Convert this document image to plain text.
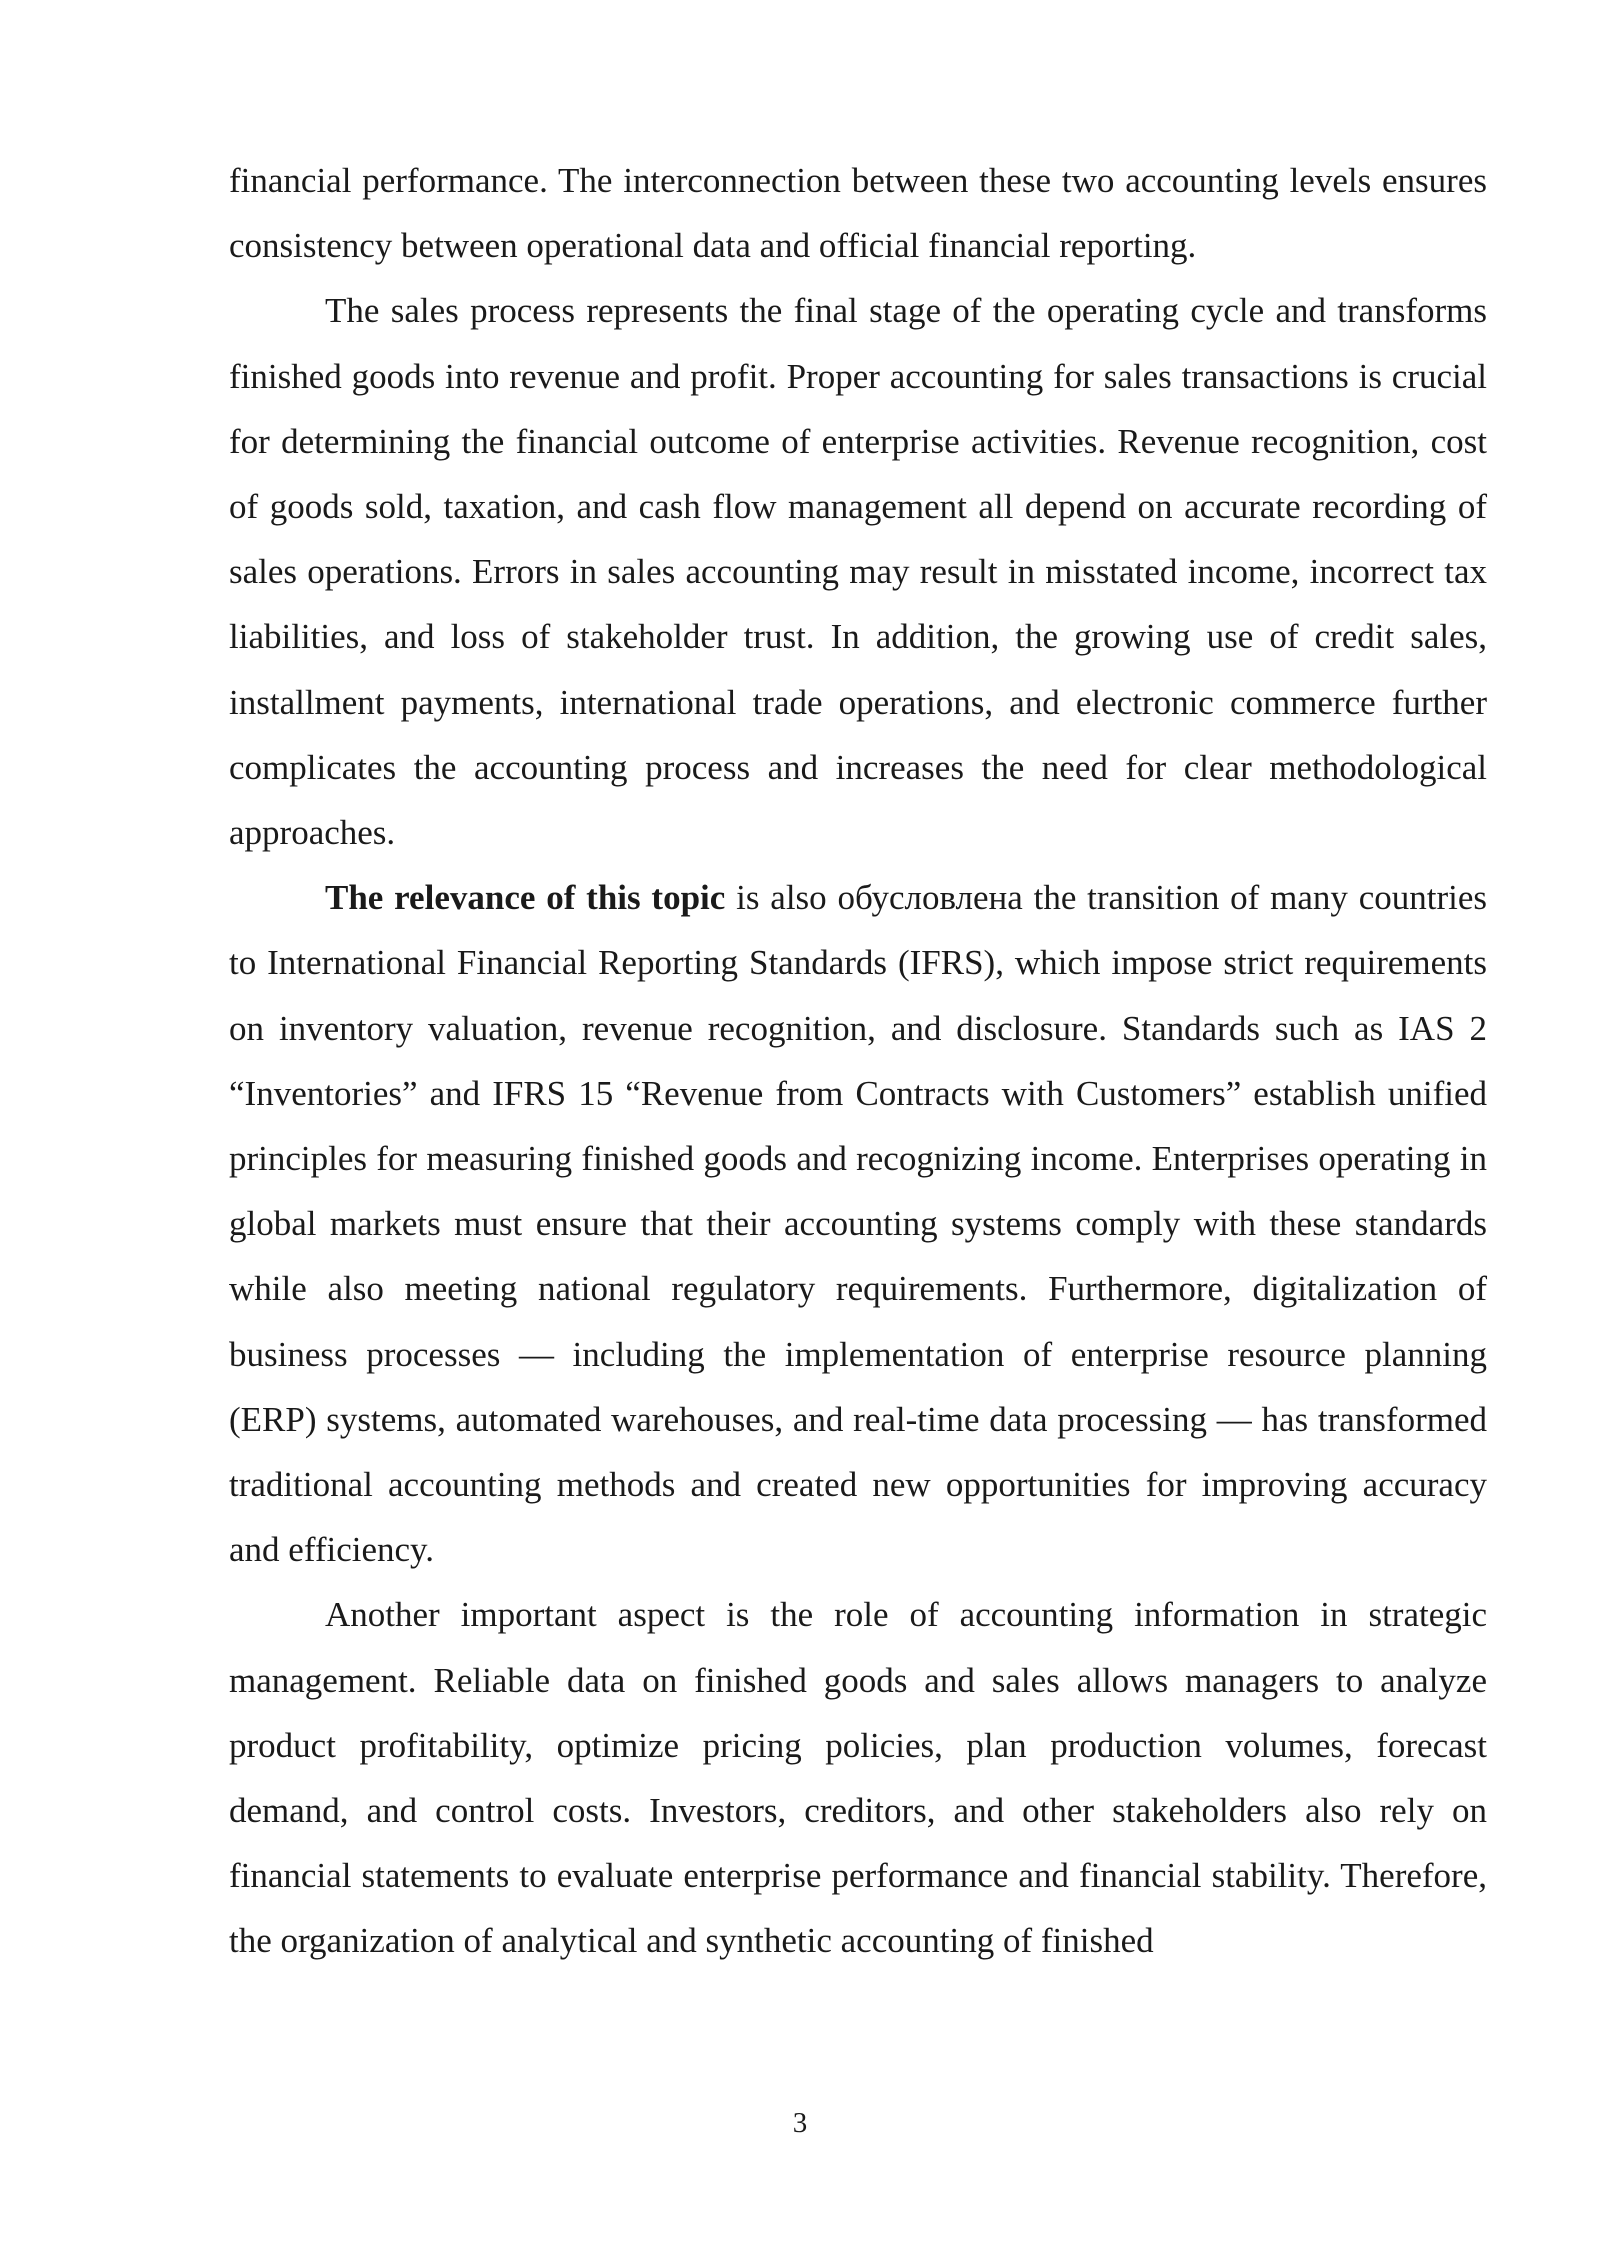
financial performance. The interconnection between these two accounting levels ensures consistency between operational data and official financial reporting.

The sales process represents the final stage of the operating cycle and transforms finished goods into revenue and profit. Proper accounting for sales transactions is crucial for determining the financial outcome of enterprise activities. Revenue recognition, cost of goods sold, taxation, and cash flow management all depend on accurate recording of sales operations. Errors in sales accounting may result in misstated income, incorrect tax liabilities, and loss of stakeholder trust. In addition, the growing use of credit sales, installment payments, international trade operations, and electronic commerce further complicates the accounting process and increases the need for clear methodological approaches.

The relevance of this topic is also обусловлена the transition of many countries to International Financial Reporting Standards (IFRS), which impose strict requirements on inventory valuation, revenue recognition, and disclosure. Standards such as IAS 2 “Inventories” and IFRS 15 “Revenue from Contracts with Customers” establish unified principles for measuring finished goods and recognizing income. Enterprises operating in global markets must ensure that their accounting systems comply with these standards while also meeting national regulatory requirements. Furthermore, digitalization of business processes — including the implementation of enterprise resource planning (ERP) systems, automated warehouses, and real-time data processing — has transformed traditional accounting methods and created new opportunities for improving accuracy and efficiency.

Another important aspect is the role of accounting information in strategic management. Reliable data on finished goods and sales allows managers to analyze product profitability, optimize pricing policies, plan production volumes, forecast demand, and control costs. Investors, creditors, and other stakeholders also rely on financial statements to evaluate enterprise performance and financial stability. Therefore, the organization of analytical and synthetic accounting of finished

3
